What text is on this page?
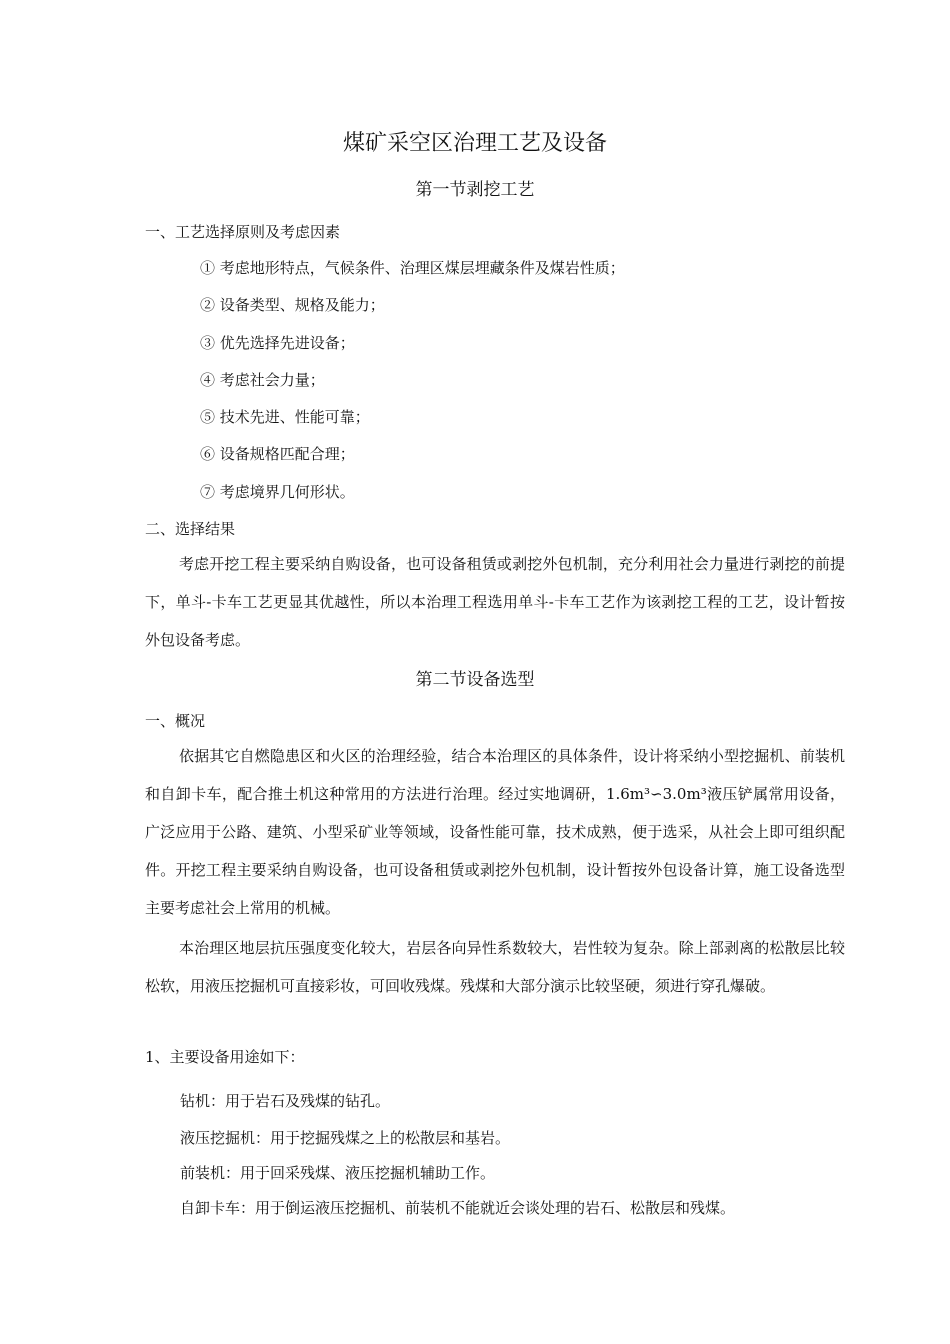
煤矿采空区治理工艺及设备
第一节剥挖工艺
一、工艺选择原则及考虑因素
① 考虑地形特点，气候条件、治理区煤层埋藏条件及煤岩性质；
② 设备类型、规格及能力；
③ 优先选择先进设备；
④ 考虑社会力量；
⑤ 技术先进、性能可靠；
⑥ 设备规格匹配合理；
⑦ 考虑境界几何形状。
二、选择结果

考虑开挖工程主要采纳自购设备，也可设备租赁或剥挖外包机制，充分利用社会力量进行剥挖的前提下，单斗-卡车工艺更显其优越性，所以本治理工程选用单斗-卡车工艺作为该剥挖工程的工艺，设计暂按外包设备考虑。

第二节设备选型
一、概况

依据其它自燃隐患区和火区的治理经验，结合本治理区的具体条件，设计将采纳小型挖掘机、前装机和自卸卡车，配合推土机这种常用的方法进行治理。经过实地调研，1.6m³∽3.0m³液压铲属常用设备，广泛应用于公路、建筑、小型采矿业等领域，设备性能可靠，技术成熟，便于选采，从社会上即可组织配件。开挖工程主要采纳自购设备，也可设备租赁或剥挖外包机制，设计暂按外包设备计算，施工设备选型主要考虑社会上常用的机械。

本治理区地层抗压强度变化较大，岩层各向异性系数较大，岩性较为复杂。除上部剥离的松散层比较松软，用液压挖掘机可直接彩妆，可回收残煤。残煤和大部分演示比较坚硬，须进行穿孔爆破。

1、主要设备用途如下：
钻机：用于岩石及残煤的钻孔。
液压挖掘机：用于挖掘残煤之上的松散层和基岩。
前装机：用于回采残煤、液压挖掘机辅助工作。
自卸卡车：用于倒运液压挖掘机、前装机不能就近会谈处理的岩石、松散层和残煤。
